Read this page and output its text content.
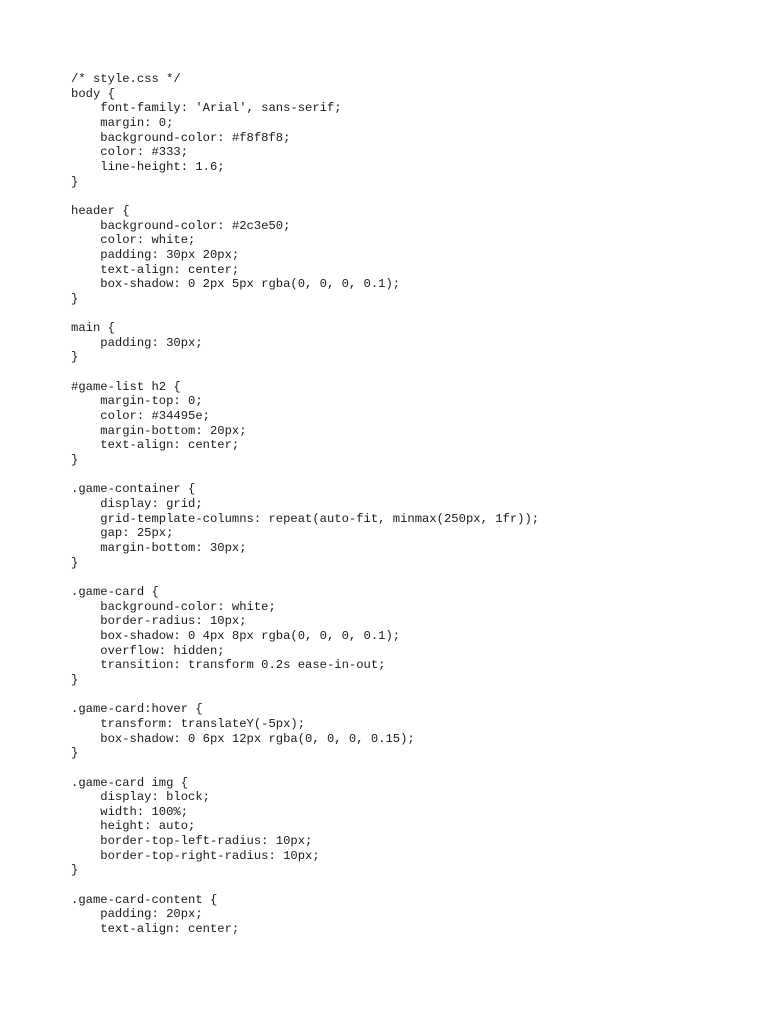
/* style.css */
body {
font-family: 'Arial', sans-serif;
margin: 0;
background-color: #f8f8f8;
color: #333;
line-height: 1.6;
}
header {
background-color: #2c3e50;
color: white;
padding: 30px 20px;
text-align: center;
box-shadow: 0 2px 5px rgba(0, 0, 0, 0.1);
}
main {
padding: 30px;
}
#game-list h2 {
margin-top: 0;
color: #34495e;
margin-bottom: 20px;
text-align: center;
}
.game-container {
display: grid;
grid-template-columns: repeat(auto-fit, minmax(250px, 1fr));
gap: 25px;
margin-bottom: 30px;
}
.game-card {
background-color: white;
border-radius: 10px;
box-shadow: 0 4px 8px rgba(0, 0, 0, 0.1);
overflow: hidden;
transition: transform 0.2s ease-in-out;
}
.game-card:hover {
transform: translateY(-5px);
box-shadow: 0 6px 12px rgba(0, 0, 0, 0.15);
}
.game-card img {
display: block;
width: 100%;
height: auto;
border-top-left-radius: 10px;
border-top-right-radius: 10px;
}
.game-card-content {
padding: 20px;
text-align: center;
